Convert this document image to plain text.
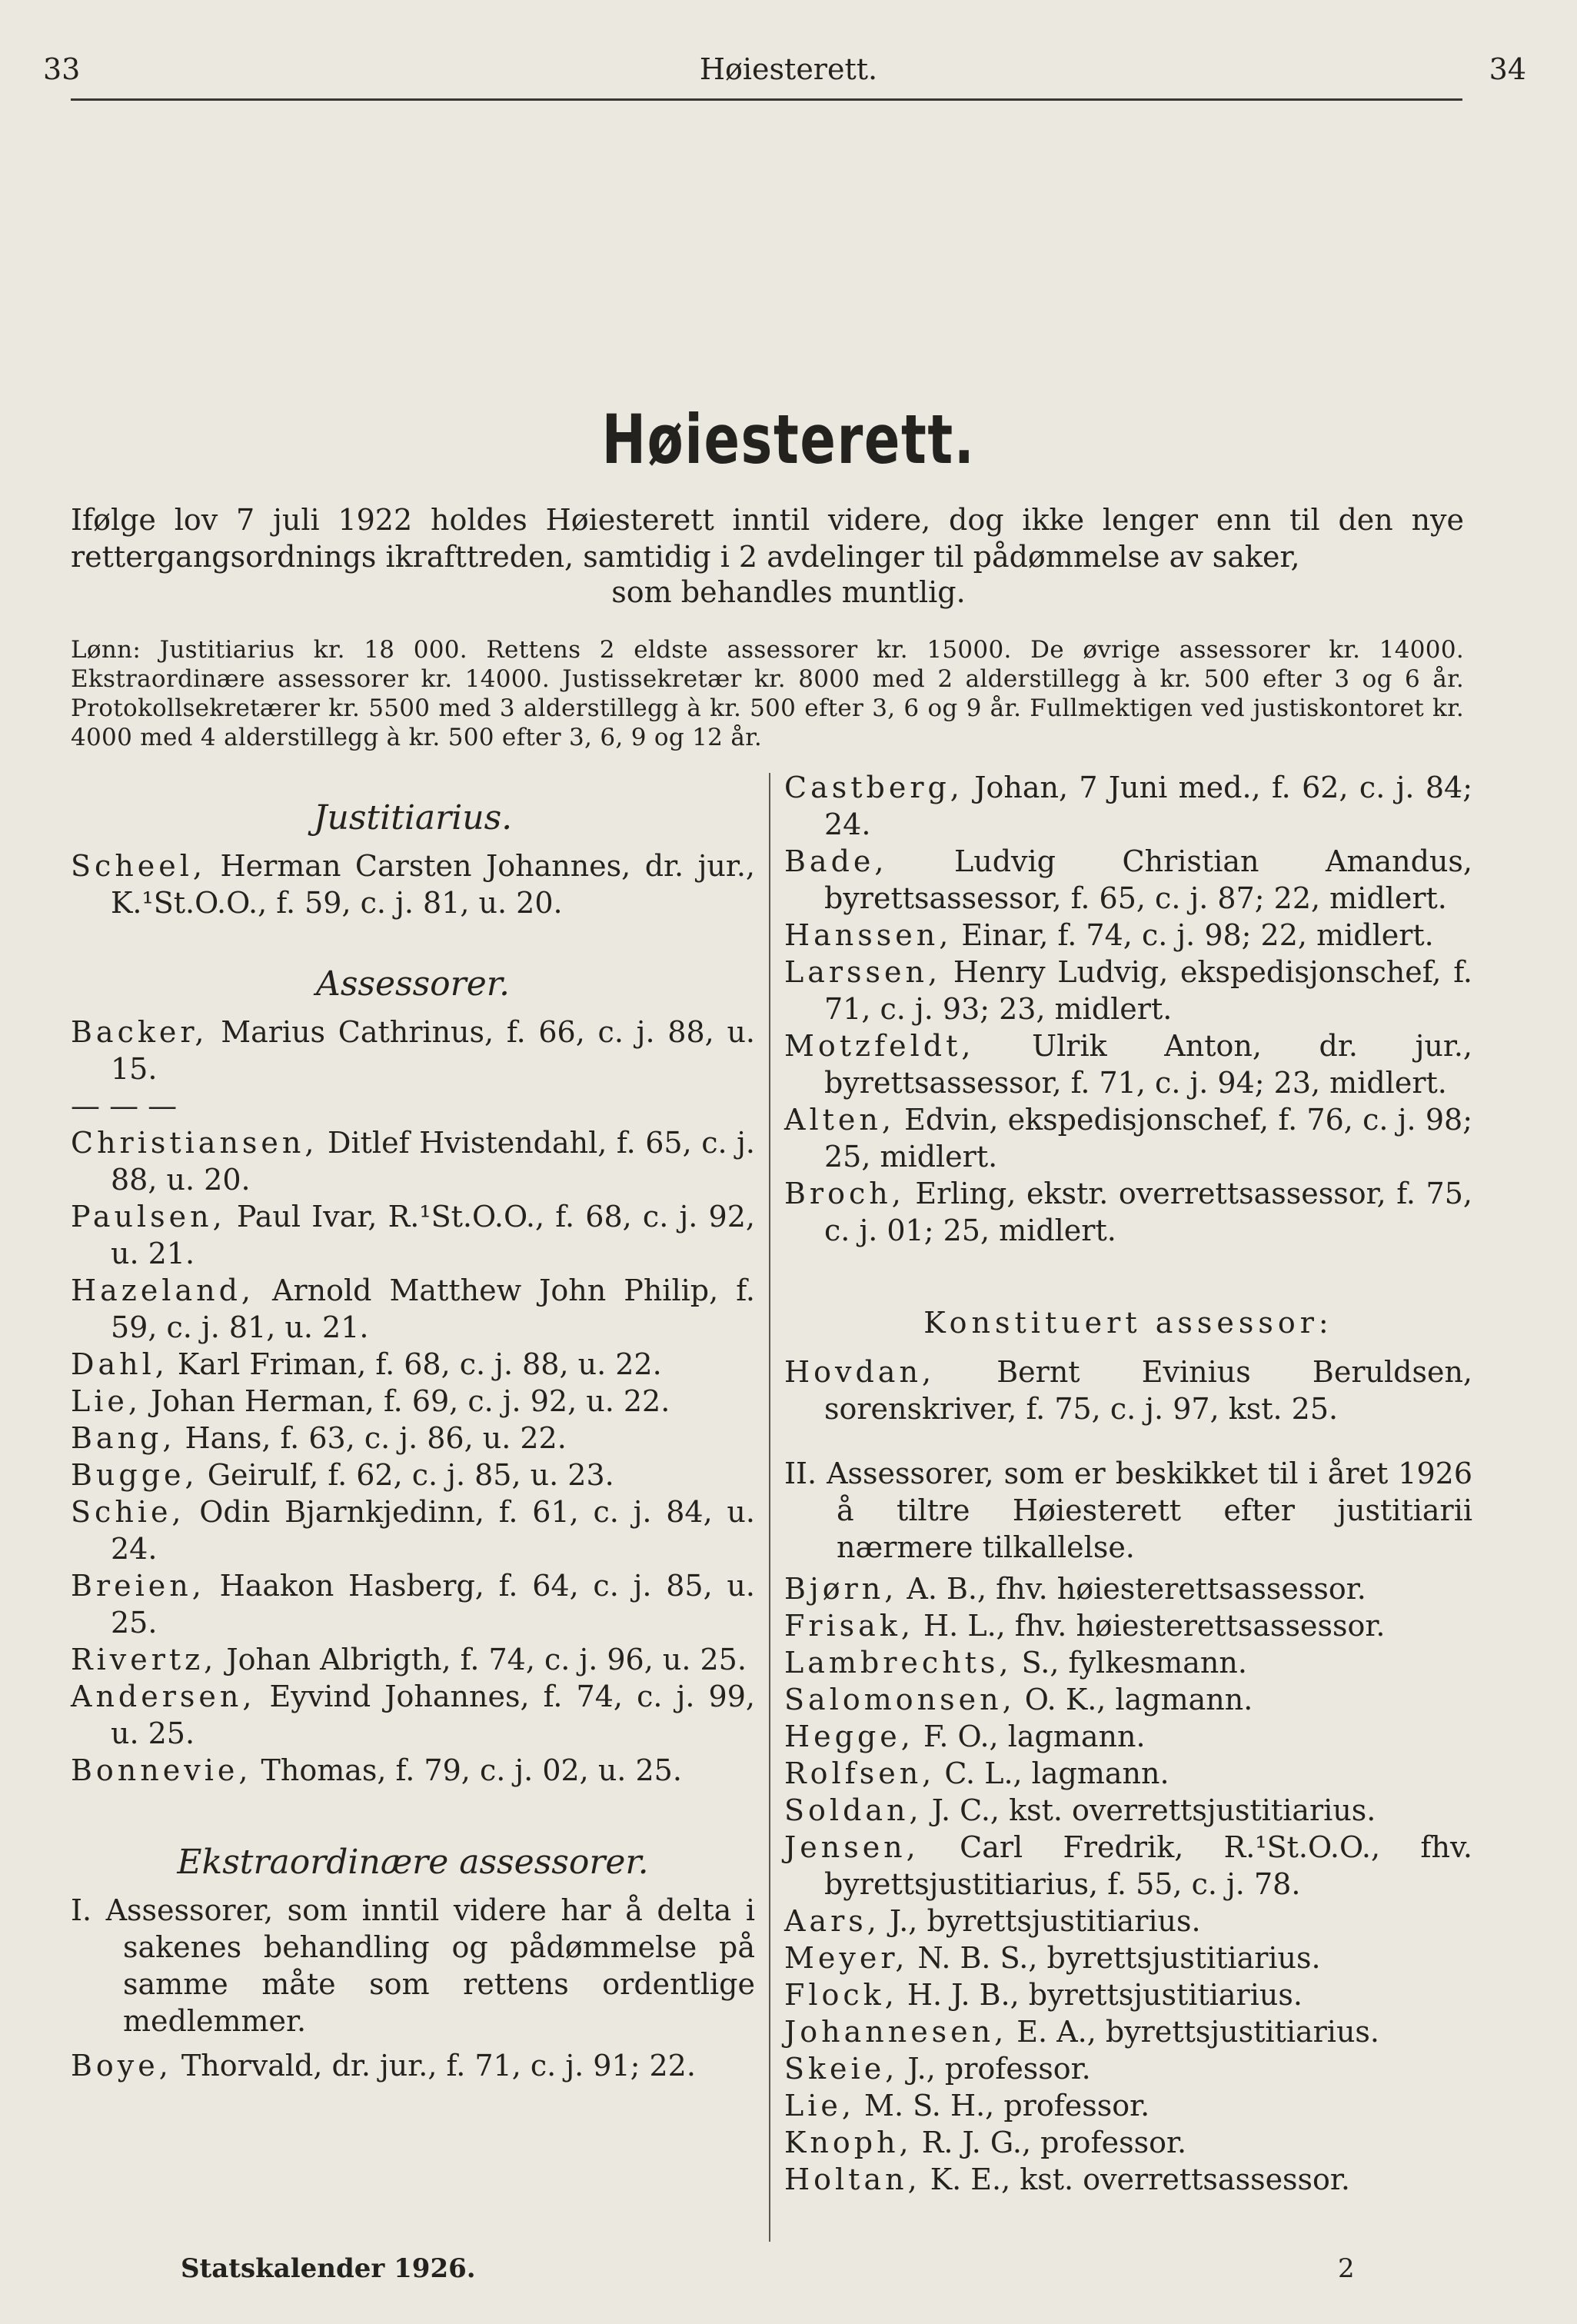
33	Høiesterett.	34
Høiesterett.
Ifølge lov 7 juli 1922 holdes Høiesterett inntil videre, dog ikke lenger enn til den nye rettergangsordnings ikrafttreden, samtidig i 2 avdelinger til pådømmelse av saker,
som behandles muntlig.
Lønn: Justitiarius kr. 18 000. Rettens 2 eldste assessorer kr. 15000. De øvrige assessorer kr. 14000. Ekstraordinære assessorer kr. 14000. Justissekretær kr. 8000 med 2 alderstillegg à kr. 500 efter 3 og 6 år. Protokollsekretærer kr. 5500 med 3 alderstillegg à kr. 500 efter 3, 6 og 9 år. Fullmektigen ved justiskontoret kr. 4000 med 4 alderstillegg à kr. 500 efter 3, 6, 9 og 12 år.

Justitiarius.

Scheel, Herman Carsten Johannes, dr. jur., K.¹St.O.O., f. 59, c. j. 81, u. 20.

Assessorer.

Backer, Marius Cathrinus, f. 66, c. j. 88, u. 15.

— — —

Christiansen, Ditlef Hvistendahl, f. 65, c. j. 88, u. 20.

Paulsen, Paul Ivar, R.¹St.O.O., f. 68, c. j. 92, u. 21.

Hazeland, Arnold Matthew John Philip, f. 59, c. j. 81, u. 21.

Dahl, Karl Friman, f. 68, c. j. 88, u. 22.

Lie, Johan Herman, f. 69, c. j. 92, u. 22.

Bang, Hans, f. 63, c. j. 86, u. 22.

Bugge, Geirulf, f. 62, c. j. 85, u. 23.

Schie, Odin Bjarnkjedinn, f. 61, c. j. 84, u. 24.

Breien, Haakon Hasberg, f. 64, c. j. 85, u. 25.

Rivertz, Johan Albrigth, f. 74, c. j. 96, u. 25.

Andersen, Eyvind Johannes, f. 74, c. j. 99, u. 25.

Bonnevie, Thomas, f. 79, c. j. 02, u. 25.

Ekstraordinære assessorer.

I. Assessorer, som inntil videre har å delta i sakenes behandling og pådømmelse på samme måte som rettens ordentlige medlemmer.

Boye, Thorvald, dr. jur., f. 71, c. j. 91; 22.

Castberg, Johan, 7 Juni med., f. 62, c. j. 84; 24.

Bade, Ludvig Christian Amandus, byrettsassessor, f. 65, c. j. 87; 22, midlert.

Hanssen, Einar, f. 74, c. j. 98; 22, midlert.

Larssen, Henry Ludvig, ekspedisjonschef, f. 71, c. j. 93; 23, midlert.

Motzfeldt, Ulrik Anton, dr. jur., byrettsassessor, f. 71, c. j. 94; 23, midlert.

Alten, Edvin, ekspedisjonschef, f. 76, c. j. 98; 25, midlert.

Broch, Erling, ekstr. overrettsassessor, f. 75, c. j. 01; 25, midlert.

Konstituert assessor:

Hovdan, Bernt Evinius Beruldsen, sorenskriver, f. 75, c. j. 97, kst. 25.

II. Assessorer, som er beskikket til i året 1926 å tiltre Høiesterett efter justitiarii nærmere tilkallelse.

Bjørn, A. B., fhv. høiesterettsassessor.

Frisak, H. L., fhv. høiesterettsassessor.

Lambrechts, S., fylkesmann.

Salomonsen, O. K., lagmann.

Hegge, F. O., lagmann.

Rolfsen, C. L., lagmann.

Soldan, J. C., kst. overrettsjustitiarius.

Jensen, Carl Fredrik, R.¹St.O.O., fhv. byrettsjustitiarius, f. 55, c. j. 78.

Aars, J., byrettsjustitiarius.

Meyer, N. B. S., byrettsjustitiarius.

Flock, H. J. B., byrettsjustitiarius.

Johannesen, E. A., byrettsjustitiarius.

Skeie, J., professor.

Lie, M. S. H., professor.

Knoph, R. J. G., professor.

Holtan, K. E., kst. overrettsassessor.

Statskalender 1926.	2
